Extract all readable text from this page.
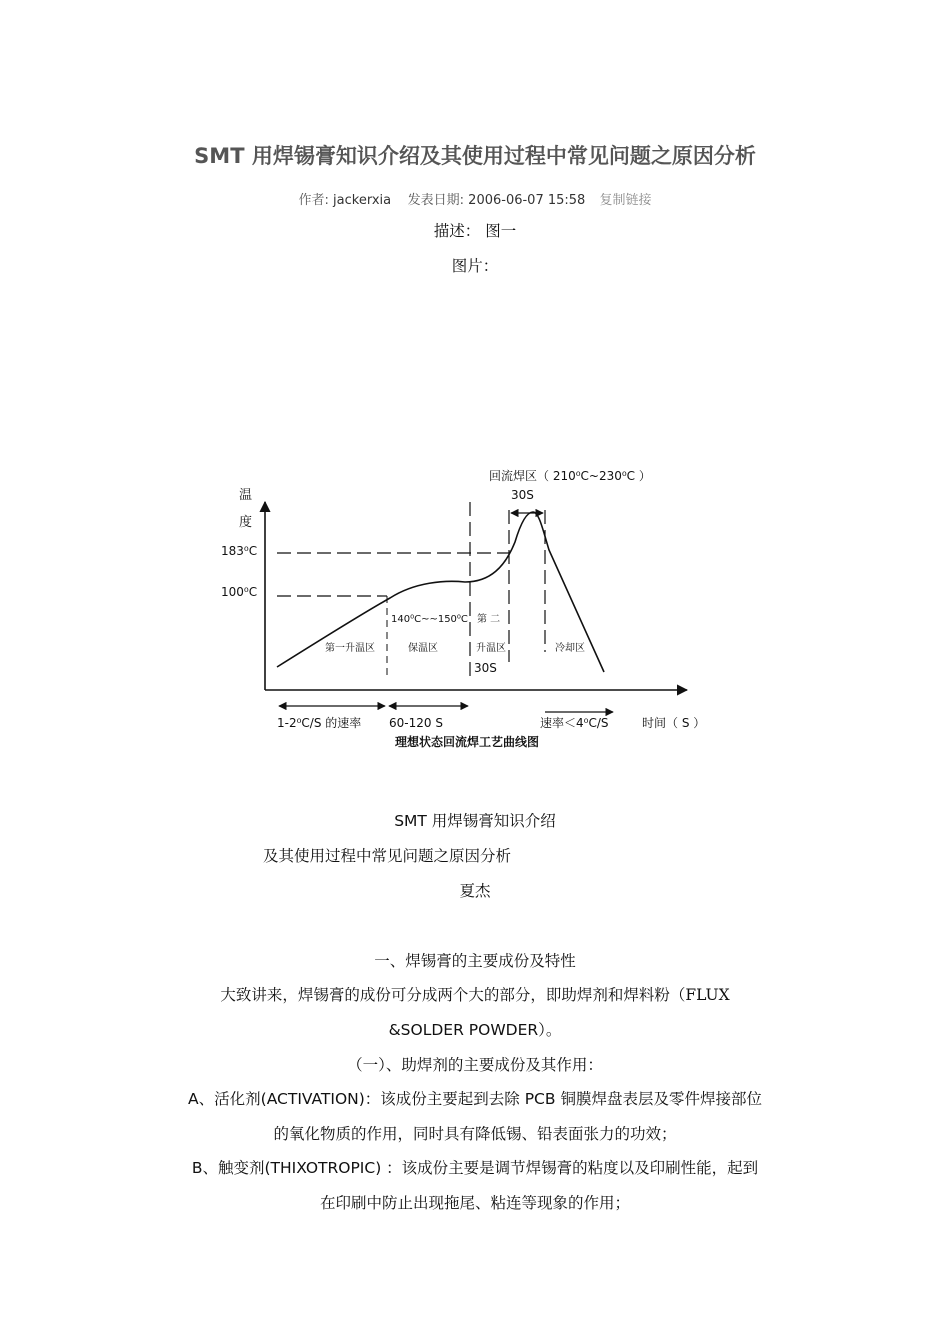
SMT 用焊锡膏知识介绍及其使用过程中常见问题之原因分析
作者: jackerxia 发表日期: 2006-06-07 15:58 复制链接
描述： 图一
图片：
温
度
183⁰C
100⁰C
回流焊区（ 210⁰C~230⁰C ）
30S
140⁰C~~150⁰C 第 二
第一升温区	保温区	升温区	冷却区
30S
1-2⁰C/S 的速率 60-120 S	速率＜4⁰C/S	时间（ S ）
理想状态回流焊工艺曲线图
SMT 用焊锡膏知识介绍
及其使用过程中常见问题之原因分析
夏杰
一、焊锡膏的主要成份及特性
大致讲来，焊锡膏的成份可分成两个大的部分，即助焊剂和焊料粉（FLUX
&SOLDER POWDER）。
（一）、助焊剂的主要成份及其作用：
A、活化剂(ACTIVATION)：该成份主要起到去除 PCB 铜膜焊盘表层及零件焊接部位
的氧化物质的作用，同时具有降低锡、铅表面张力的功效；
B、触变剂(THIXOTROPIC) ：该成份主要是调节焊锡膏的粘度以及印刷性能，起到
在印刷中防止出现拖尾、粘连等现象的作用；
